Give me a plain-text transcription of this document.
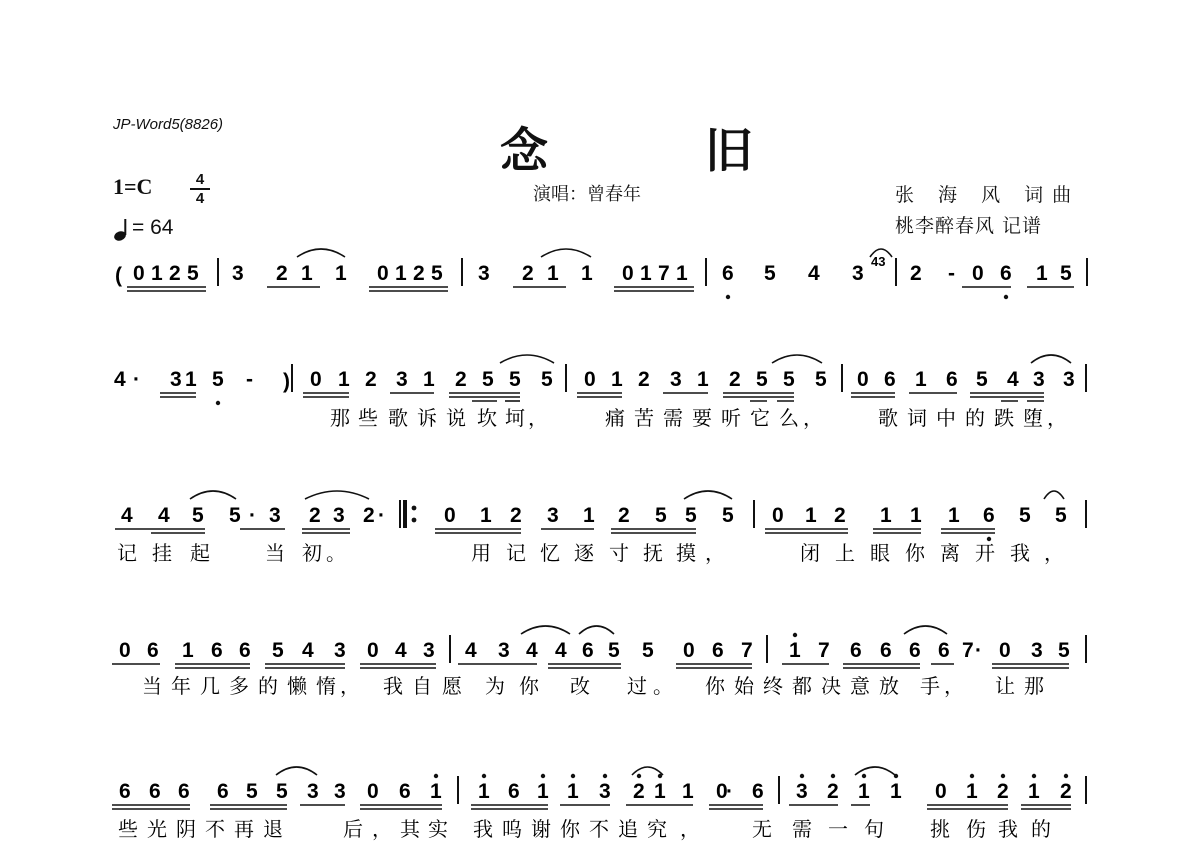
JP-Word5(8826)	念 旧
1=C	4
4
= 64
演唱：曾春年	张 海 风 词曲
桃李醉春风 记谱
( 0 1 2 5 3 2 1 1 0 1 2 5 3 2 1 1 0 1 7 1 6 5 4 3
43
2 - 0 6 1 5
4 · 3 1 5 - ) 0 1 2 3 1 2 5 5 5 0 1 2 3 1 2 5 5 5 0 6 1 6 5 4 3 3
那 些 歌 诉 说 坎 坷 ，	痛 苦 需 要 听 它 么 ，	歌 词 中 的 跌 堕 ，
4 4 5 5 · 3 2 3 2 ·	0 1 2 3 1 2 5 5 5 0 1 2 1 1 1 6 5 5
记 挂 起	当 初 。	用 记 忆 逐 寸 抚 摸 ，	闭 上 眼 你 离 开 我 ，
0 6 1 6 6 5 4 3 0 4 3 4 3 4 4 6 5 5 0 6 7 1 7 6 6 6 6 7 · 0 3 5
当 年 几 多 的 懒 惰 ， 我 自 愿 为 你 改 过 。 你 始 终 都 决 意 放 手 ， 让 那
6 6 6 6 5 5 3 3 0 6 1 1 6 1 1 3 2 1 1 0
· 6 3 2 1 1 0 1 2 1 2
些 光 阴 不 再 退	后 ， 其 实 我 呜 谢 你 不 追 究 ，	无 需 一 句 挑 伤 我 的
